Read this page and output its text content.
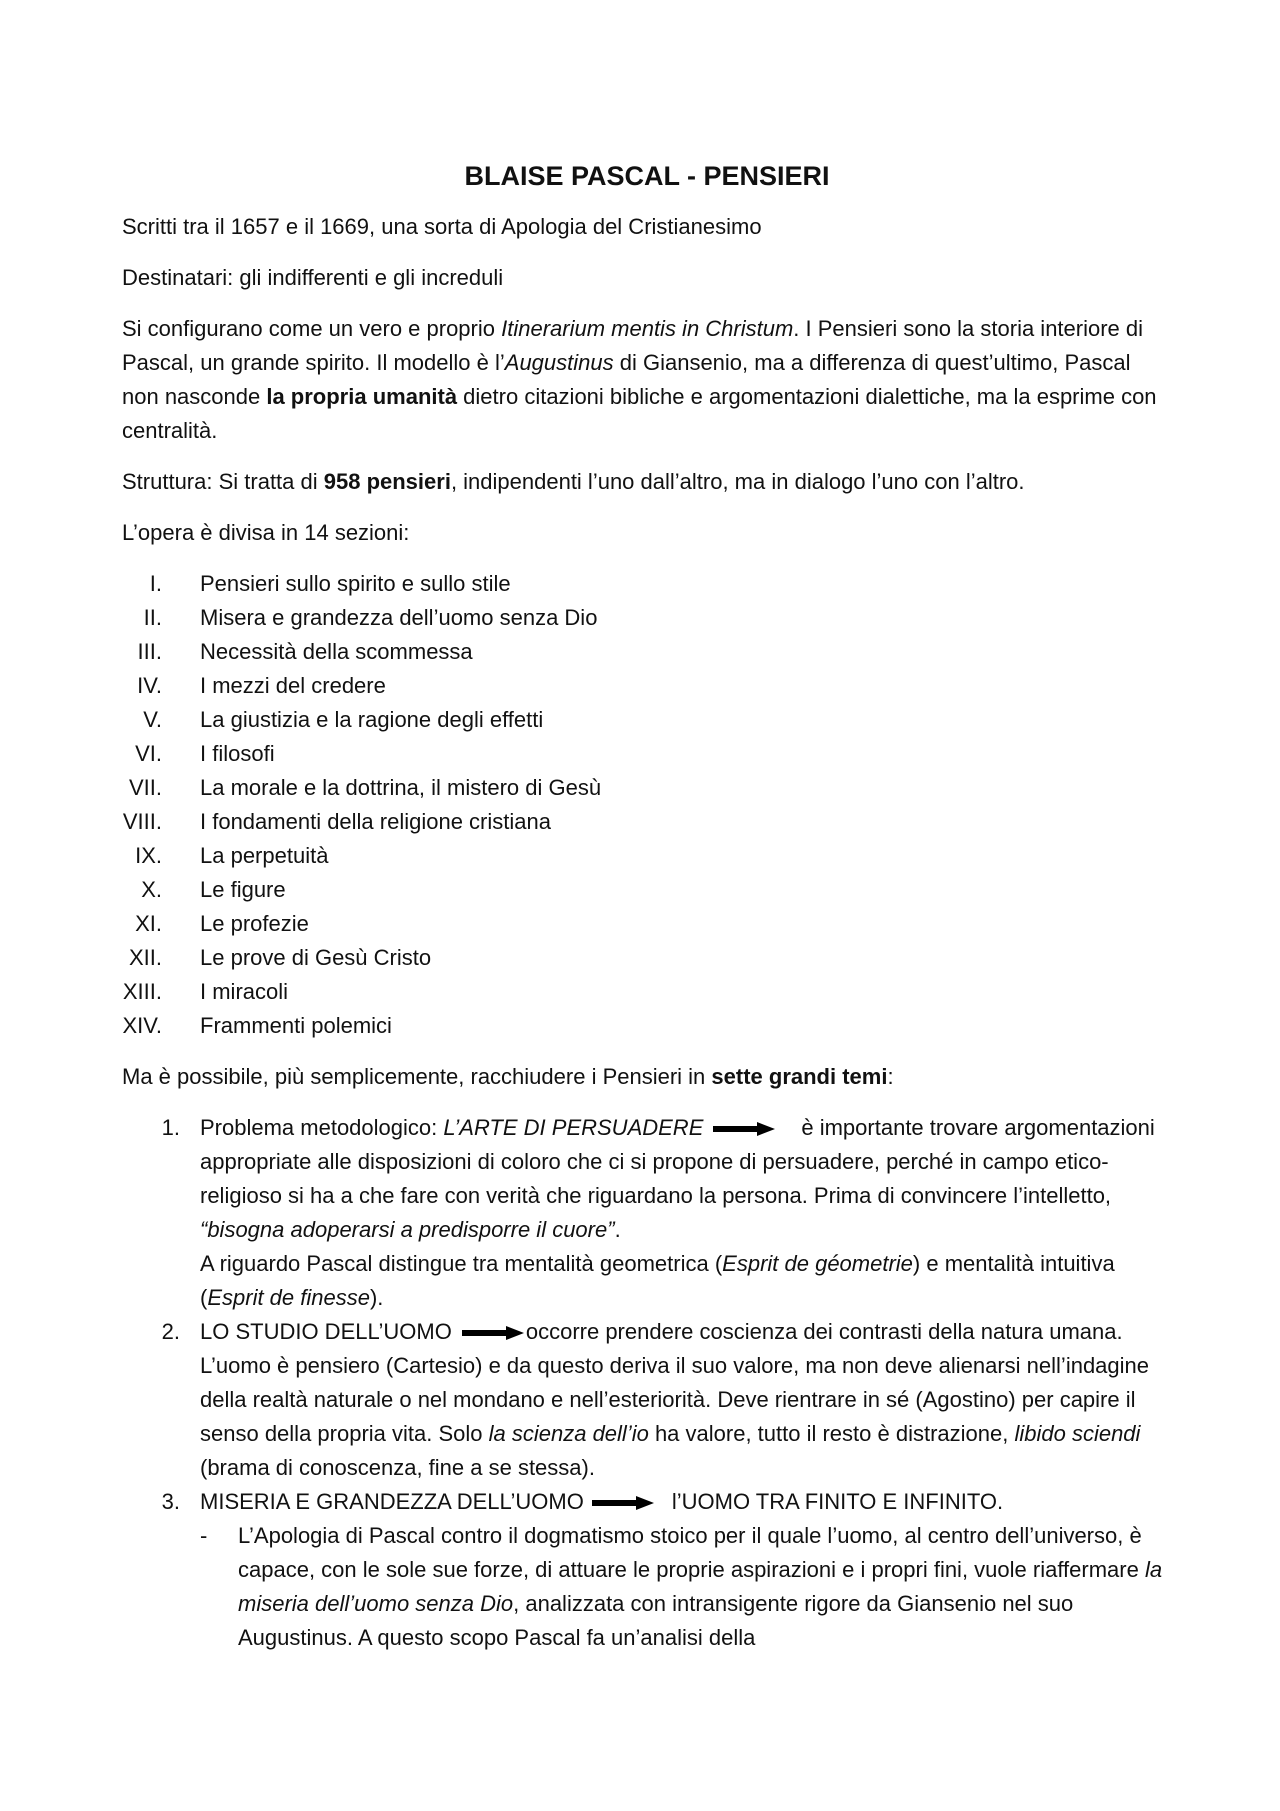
BLAISE PASCAL - PENSIERI

Scritti tra il 1657 e il 1669, una sorta di Apologia del Cristianesimo

Destinatari: gli indifferenti e gli increduli

Si configurano come un vero e proprio Itinerarium mentis in Christum. I Pensieri sono la storia interiore di Pascal, un grande spirito. Il modello è l’Augustinus di Giansenio, ma a differenza di quest’ultimo, Pascal non nasconde la propria umanità dietro citazioni bibliche e argomentazioni dialettiche, ma la esprime con centralità.

Struttura: Si tratta di 958 pensieri, indipendenti l’uno dall’altro, ma in dialogo l’uno con l’altro.

L’opera è divisa in 14 sezioni:

I. Pensieri sullo spirito e sullo stile
II. Misera e grandezza dell’uomo senza Dio
III. Necessità della scommessa
IV. I mezzi del credere
V. La giustizia e la ragione degli effetti
VI. I filosofi
VII. La morale e la dottrina, il mistero di Gesù
VIII. I fondamenti della religione cristiana
IX. La perpetuità
X. Le figure
XI. Le profezie
XII. Le prove di Gesù Cristo
XIII. I miracoli
XIV. Frammenti polemici

Ma è possibile, più semplicemente, racchiudere i Pensieri in sette grandi temi:

1. Problema metodologico: L’ARTE DI PERSUADERE	è importante trovare argomentazioni appropriate alle disposizioni di coloro che ci si propone di persuadere, perché in campo etico-religioso si ha a che fare con verità che riguardano la persona. Prima di convincere l’intelletto, “bisogna adoperarsi a predisporre il cuore”.
A riguardo Pascal distingue tra mentalità geometrica (Esprit de géometrie) e mentalità intuitiva (Esprit de finesse).
2. LO STUDIO DELL’UOMO	occorre prendere coscienza dei contrasti della natura umana. L’uomo è pensiero (Cartesio) e da questo deriva il suo valore, ma non deve alienarsi nell’indagine della realtà naturale o nel mondano e nell’esteriorità. Deve rientrare in sé (Agostino) per capire il senso della propria vita. Solo la scienza dell’io ha valore, tutto il resto è distrazione, libido sciendi (brama di conoscenza, fine a se stessa).
3. MISERIA E GRANDEZZA DELL’UOMO	l’UOMO TRA FINITO E INFINITO.
- L’Apologia di Pascal contro il dogmatismo stoico per il quale l’uomo, al centro dell’universo, è capace, con le sole sue forze, di attuare le proprie aspirazioni e i propri fini, vuole riaffermare la miseria dell’uomo senza Dio, analizzata con intransigente rigore da Giansenio nel suo Augustinus. A questo scopo Pascal fa un’analisi della
